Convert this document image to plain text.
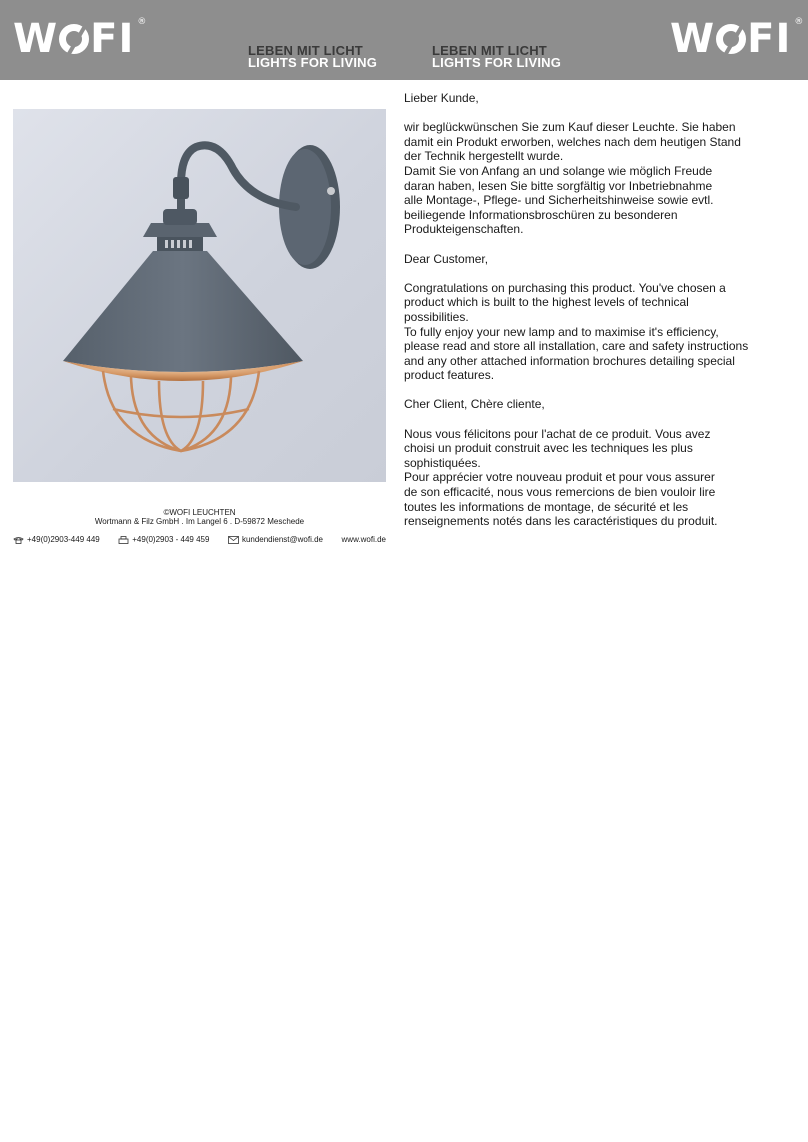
W FI ®
LEBEN MIT LICHT
LIGHTS FOR LIVING
LEBEN MIT LICHT
LIGHTS FOR LIVING
W FI ®
©WOFI LEUCHTEN
Wortmann & Filz GmbH . Im Langel 6 . D-59872 Meschede
+49(0)2903-449 449	+49(0)2903 - 449 459	kundendienst@wofi.de www.wofi.de

Lieber Kunde,

wir beglückwünschen Sie zum Kauf dieser Leuchte. Sie haben
damit ein Produkt erworben, welches nach dem heutigen Stand
der Technik hergestellt wurde.
Damit Sie von Anfang an und solange wie möglich Freude
daran haben, lesen Sie bitte sorgfältig vor Inbetriebnahme
alle Montage-, Pflege- und Sicherheitshinweise sowie evtl.
beiliegende Informationsbroschüren zu besonderen
Produkteigenschaften.

Dear Customer,

Congratulations on purchasing this product. You've chosen a
product which is built to the highest levels of technical
possibilities.
To fully enjoy your new lamp and to maximise it's efficiency,
please read and store all installation, care and safety instructions
and any other attached information brochures detailing special
product features.

Cher Client, Chère cliente,

Nous vous félicitons pour l'achat de ce produit. Vous avez
choisi un produit construit avec les techniques les plus
sophistiquées.
Pour apprécier votre nouveau produit et pour vous assurer
de son efficacité, nous vous remercions de bien vouloir lire
toutes les informations de montage, de sécurité et les
renseignements notés dans les caractéristiques du produit.
